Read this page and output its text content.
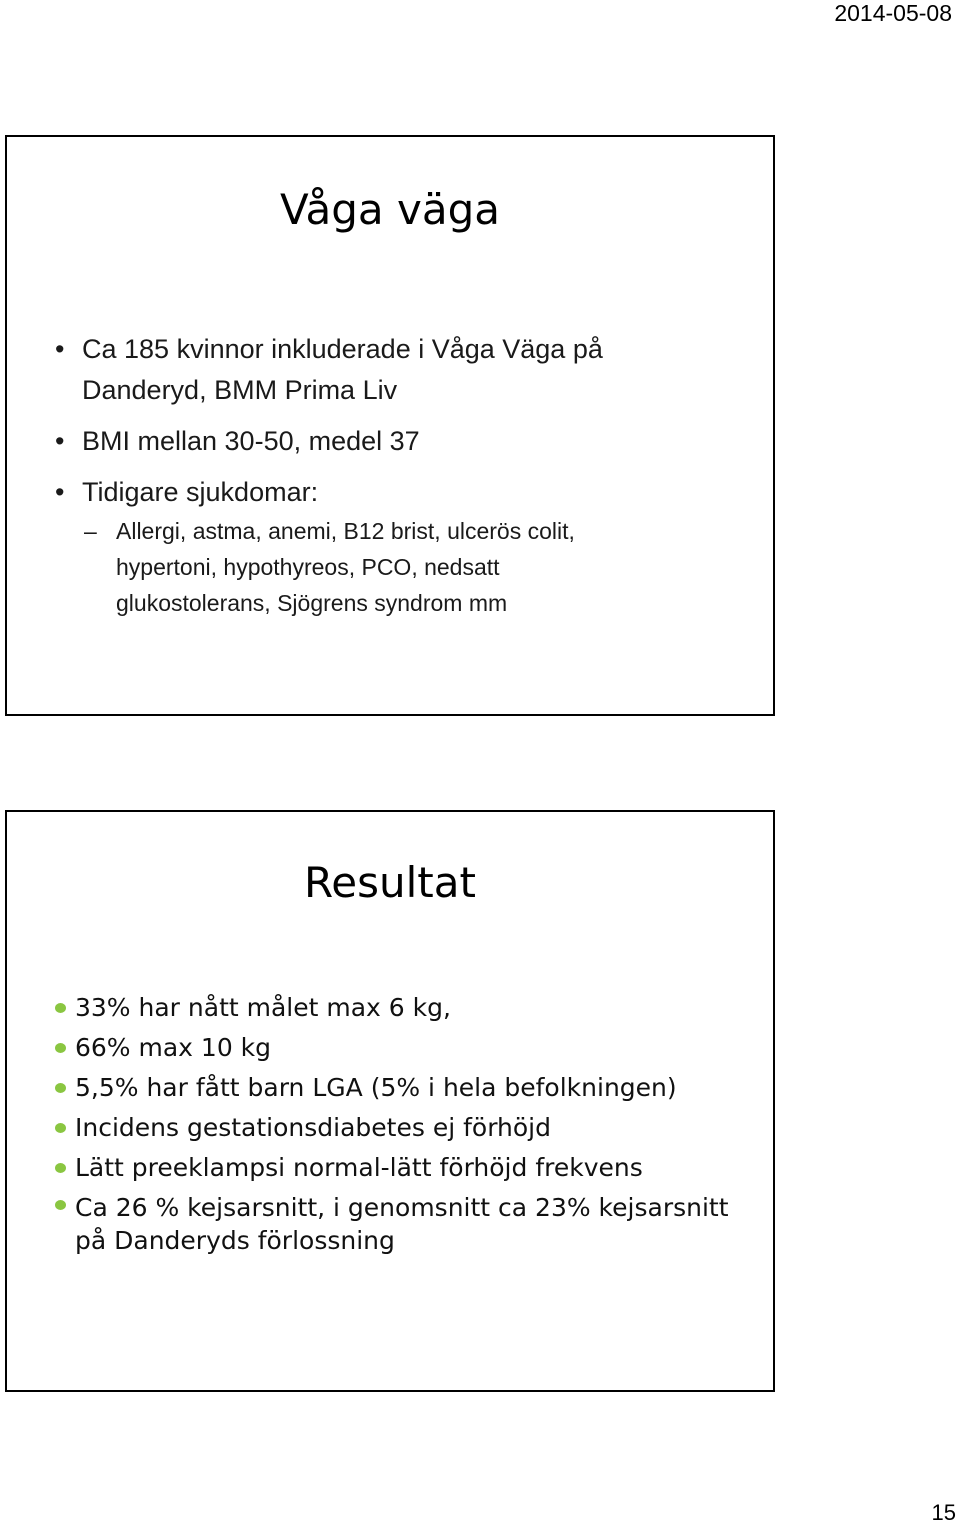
2014-05-08
Våga väga
• Ca 185 kvinnor inkluderade i Våga Väga på Danderyd, BMM Prima Liv
• BMI mellan 30-50, medel 37
• Tidigare sjukdomar:
– Allergi, astma, anemi, B12 brist, ulcerös colit, hypertoni, hypothyreos, PCO, nedsatt glukostolerans, Sjögrens syndrom mm
Resultat
33% har nått målet max 6 kg,
66% max 10 kg
5,5% har fått barn LGA (5% i hela befolkningen)
Incidens gestationsdiabetes ej förhöjd
Lätt preeklampsi normal-lätt förhöjd frekvens
Ca 26 % kejsarsnitt, i genomsnitt ca 23% kejsarsnitt på Danderyds förlossning
15
